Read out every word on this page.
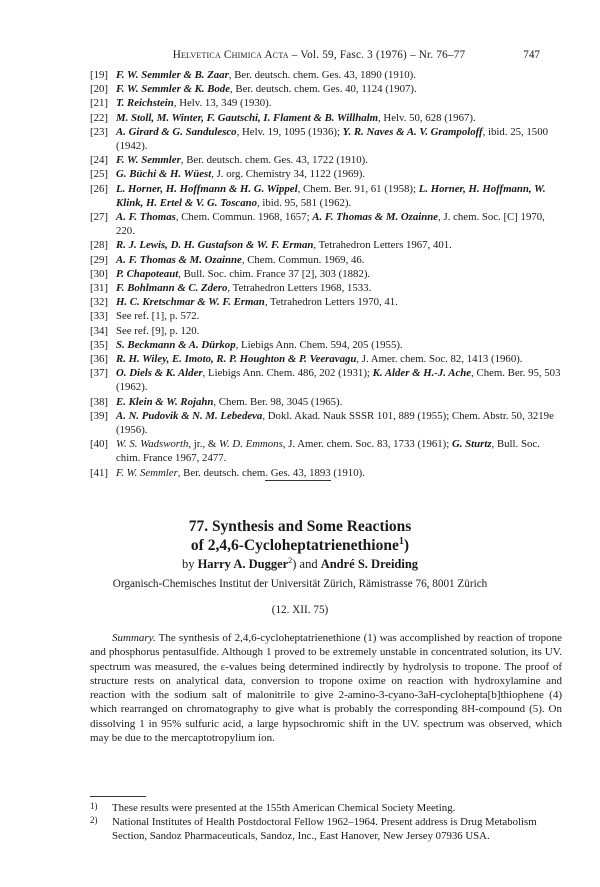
Helvetica Chimica Acta – Vol. 59, Fasc. 3 (1976) – Nr. 76–77	747
[19] F. W. Semmler & B. Zaar, Ber. deutsch. chem. Ges. 43, 1890 (1910).
[20] F. W. Semmler & K. Bode, Ber. deutsch. chem. Ges. 40, 1124 (1907).
[21] T. Reichstein, Helv. 13, 349 (1930).
[22] M. Stoll, M. Winter, F. Gautschi, I. Flament & B. Willhalm, Helv. 50, 628 (1967).
[23] A. Girard & G. Sandulesco, Helv. 19, 1095 (1936); Y. R. Naves & A. V. Grampoloff, ibid. 25, 1500 (1942).
[24] F. W. Semmler, Ber. deutsch. chem. Ges. 43, 1722 (1910).
[25] G. Büchi & H. Wüest, J. org. Chemistry 34, 1122 (1969).
[26] L. Horner, H. Hoffmann & H. G. Wippel, Chem. Ber. 91, 61 (1958); L. Horner, H. Hoffmann, W. Klink, H. Ertel & V. G. Toscano, ibid. 95, 581 (1962).
[27] A. F. Thomas, Chem. Commun. 1968, 1657; A. F. Thomas & M. Ozainne, J. chem. Soc. [C] 1970, 220.
[28] R. J. Lewis, D. H. Gustafson & W. F. Erman, Tetrahedron Letters 1967, 401.
[29] A. F. Thomas & M. Ozainne, Chem. Commun. 1969, 46.
[30] P. Chapoteaut, Bull. Soc. chim. France 37 [2], 303 (1882).
[31] F. Bohlmann & C. Zdero, Tetrahedron Letters 1968, 1533.
[32] H. C. Kretschmar & W. F. Erman, Tetrahedron Letters 1970, 41.
[33] See ref. [1], p. 572.
[34] See ref. [9], p. 120.
[35] S. Beckmann & A. Dürkop, Liebigs Ann. Chem. 594, 205 (1955).
[36] R. H. Wiley, E. Imoto, R. P. Houghton & P. Veeravagu, J. Amer. chem. Soc. 82, 1413 (1960).
[37] O. Diels & K. Alder, Liebigs Ann. Chem. 486, 202 (1931); K. Alder & H.-J. Ache, Chem. Ber. 95, 503 (1962).
[38] E. Klein & W. Rojahn, Chem. Ber. 98, 3045 (1965).
[39] A. N. Pudovik & N. M. Lebedeva, Dokl. Akad. Nauk SSSR 101, 889 (1955); Chem. Abstr. 50, 3219e (1956).
[40] W. S. Wadsworth, jr., & W. D. Emmons, J. Amer. chem. Soc. 83, 1733 (1961); G. Sturtz, Bull. Soc. chim. France 1967, 2477.
[41] F. W. Semmler, Ber. deutsch. chem. Ges. 43, 1893 (1910).
77. Synthesis and Some Reactions
of 2,4,6-Cycloheptatrienethione$^1$)
by Harry A. Dugger$^2$) and André S. Dreiding
Organisch-Chemisches Institut der Universität Zürich, Rämistrasse 76, 8001 Zürich
(12. XII. 75)
Summary. The synthesis of 2,4,6-cycloheptatrienethione (1) was accomplished by reaction of tropone and phosphorus pentasulfide. Although 1 proved to be extremely unstable in concentrated solution, its UV. spectrum was measured, the ε-values being determined indirectly by hydrolysis to tropone. The proof of structure rests on analytical data, conversion to tropone oxime on reaction with hydroxylamine and reaction with the sodium salt of malonitrile to give 2-amino-3-cyano-3aH-cyclohepta[b]thiophene (4) which rearranged on chromatography to give what is probably the corresponding 8H-compound (5). On dissolving 1 in 95% sulfuric acid, a large hypsochromic shift in the UV. spectrum was observed, which may be due to the mercaptotropylium ion.
1) These results were presented at the 155th American Chemical Society Meeting.
2) National Institutes of Health Postdoctoral Fellow 1962–1964. Present address is Drug Metabolism Section, Sandoz Pharmaceuticals, Sandoz, Inc., East Hanover, New Jersey 07936 USA.
